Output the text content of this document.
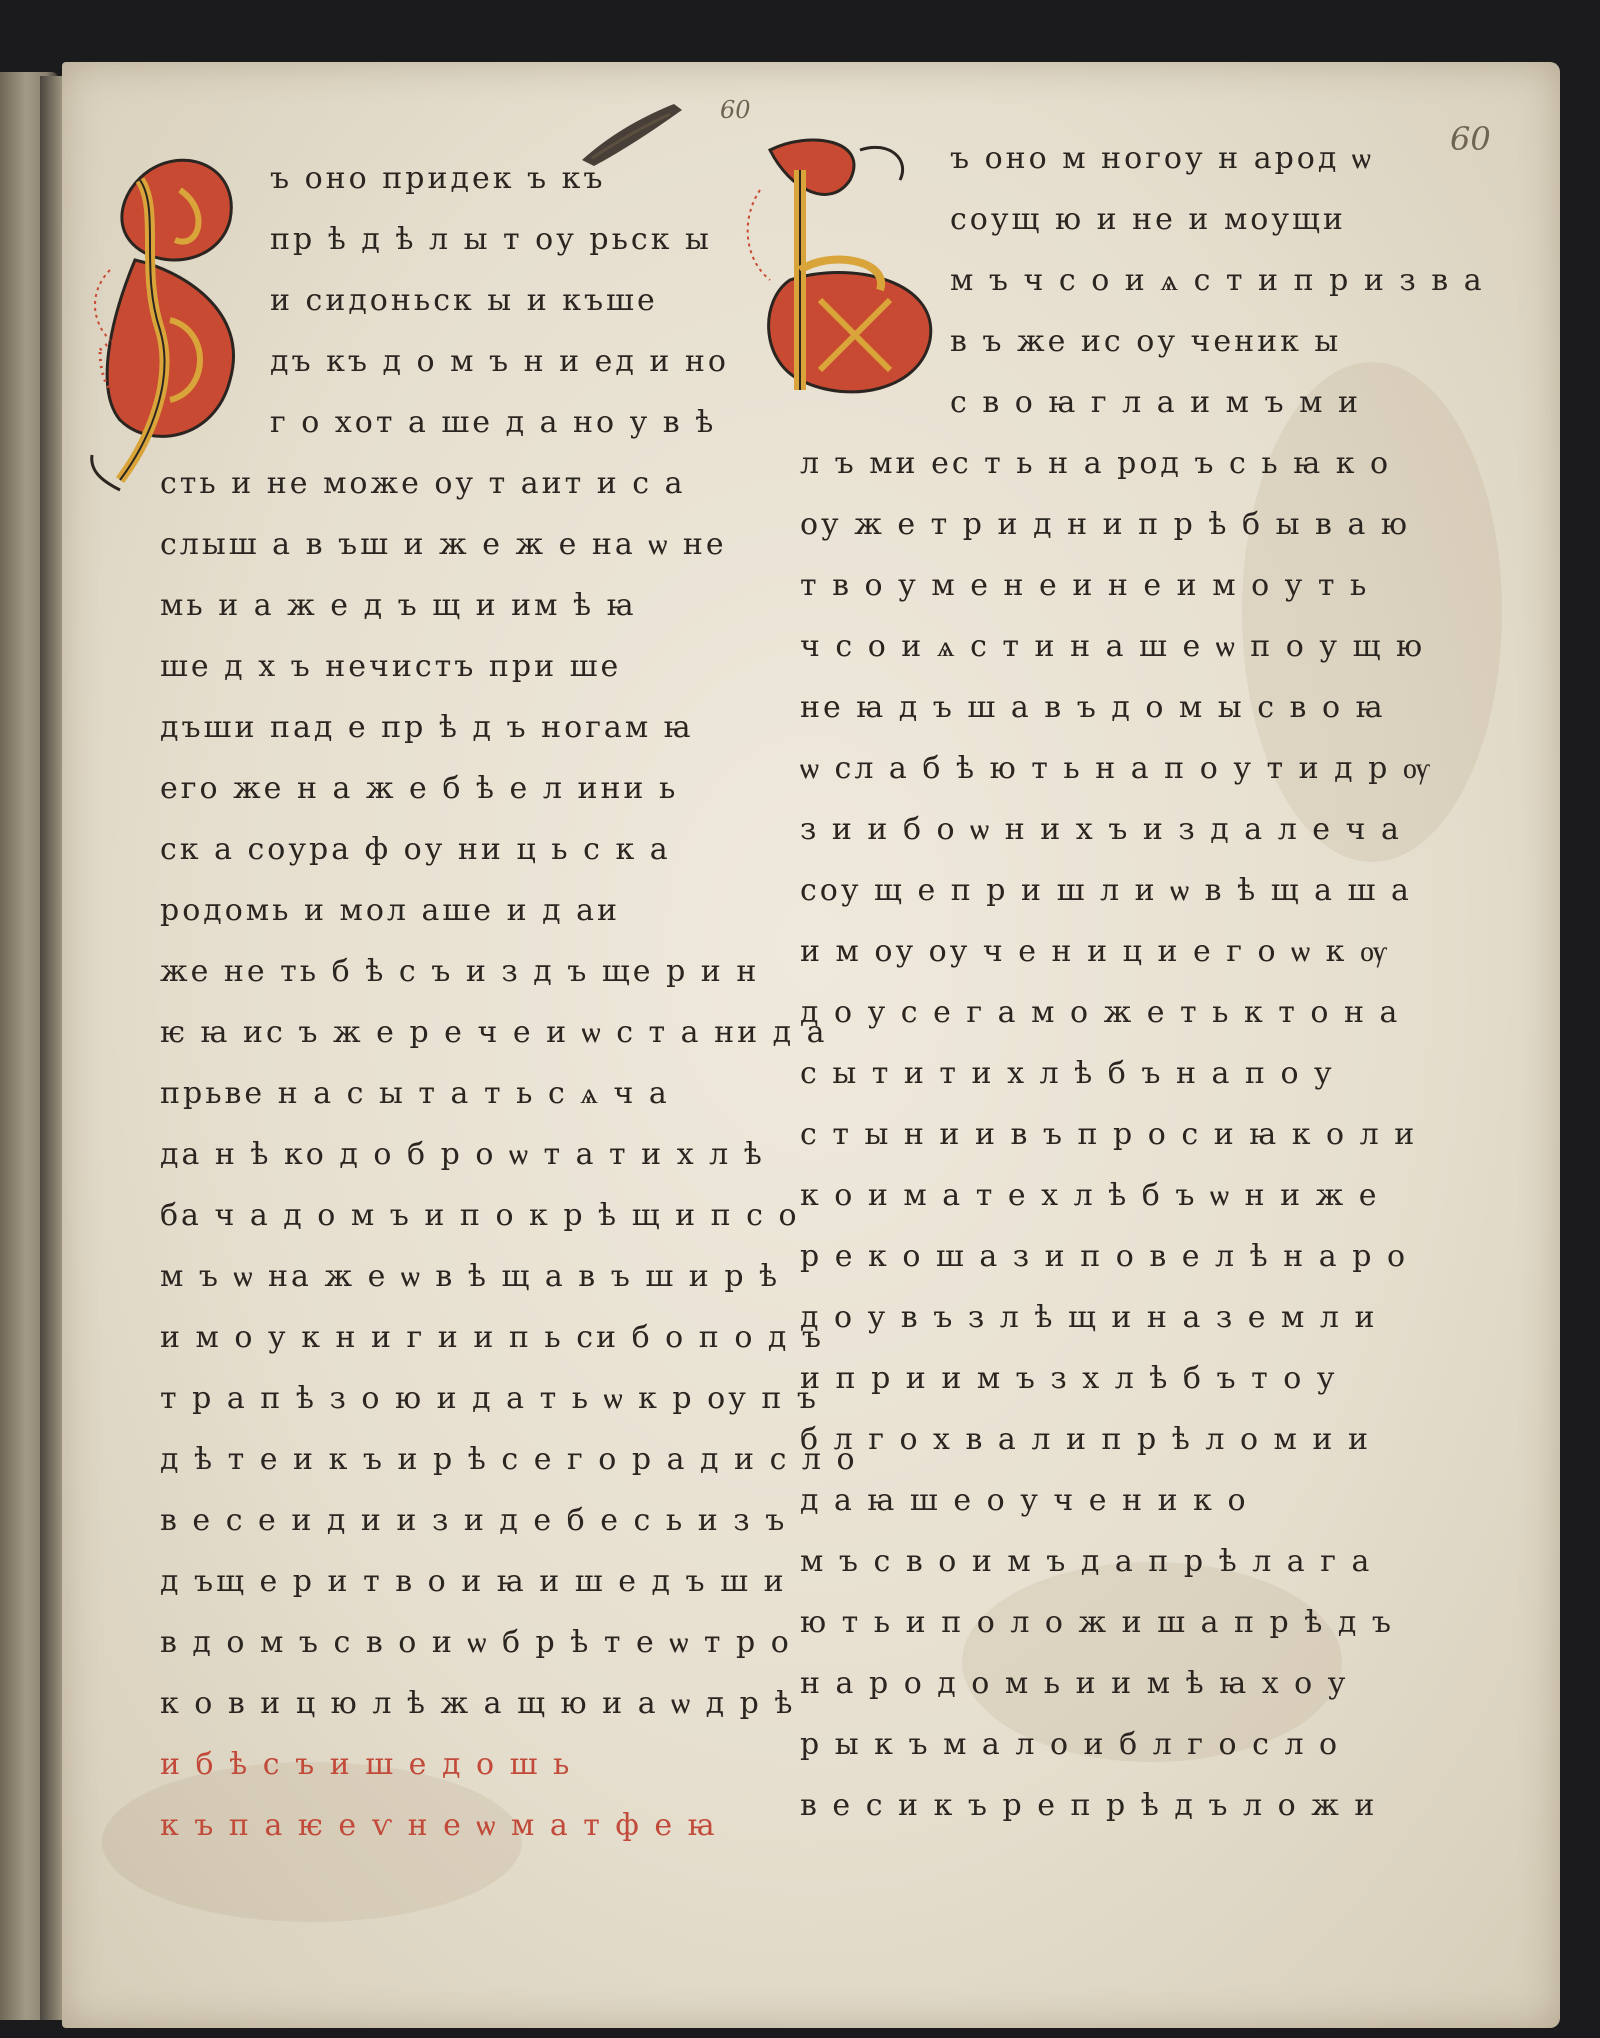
60
60
ъ оно придек ъ къ
пр ѣ д ѣ л ы т оу рьск ы
и сидоньск ы и къше
дъ къ д о м ъ н и ед и но
г о хот а ше д а но у в ѣ
сть и не може оу т аит и с а
слыш а в ъш и ж е ж е на ѡ не
мь и а ж е д ъ щ и им ѣ ꙗ
ше д х ъ нечистъ при ше
дъши пад е пр ѣ д ъ ногам ꙗ
его же н а ж е б ѣ е л ини ь
ск а соура ф оу ни ц ь с к а
родомь и мол аше и д аи
же не ть б ѣ с ъ и з д ъ ще р и н
ѥ ꙗ ис ъ ж е р е ч е и ѡ с т а ни д а
прьве н а с ы т а т ь с ѧ ч а
да н ѣ ко д о б р о ѡ т а т и х л ѣ
ба ч а д о м ъ и п о к р ѣ щ и п с о
м ъ ѡ на ж е ѡ в ѣ щ а в ъ ш и р ѣ
и м о у к н и г и и п ь си б о п о д ъ
т р а п ѣ з о ю и д а т ь ѡ к р оу п ъ
д ѣ т е и к ъ и р ѣ с е г о р а д и с л о
в е с е и д и и з и д е б е с ь и з ъ
д ъщ е р и т в о и ꙗ и ш е д ъ ш и
в д о м ъ с в о и ѡ б р ѣ т е ѡ т р о
к о в и ц ю л ѣ ж а щ ю и а ѡ д р ѣ
и б ѣ с ъ и ш е д о ш ь
к ъ п а ѥ е ѵ н е ѡ м а т ф е ꙗ
ъ оно м ногоу н арод ѡ
соущ ю и не и моущи
м ъ ч с о и ѧ с т и п р и з в а
в ъ же ис оу ченик ы
с в о ꙗ г л а и м ъ м и
л ъ ми ес т ь н а род ъ с ь ꙗ к о
оу ж е т р и д н и п р ѣ б ы в а ю
т в о у м е н е и н е и м о у т ь
ч с о и ѧ с т и н а ш е ѡ п о у щ ю
не ꙗ д ъ ш а в ъ д о м ы с в о ꙗ
ѡ сл а б ѣ ю т ь н а п о у т и д р ѹ
з и и б о ѡ н и х ъ и з д а л е ч а
соу щ е п р и ш л и ѡ в ѣ щ а ш а
и м оу оу ч е н и ц и е г о ѡ к ѹ
д о у с е г а м о ж е т ь к т о н а
с ы т и т и х л ѣ б ъ н а п о у
с т ы н и и в ъ п р о с и ꙗ к о л и
к о и м а т е х л ѣ б ъ ѡ н и ж е
р е к о ш а з и п о в е л ѣ н а р о
д о у в ъ з л ѣ щ и н а з е м л и
и п р и и м ъ з х л ѣ б ъ т о у
б л г о х в а л и п р ѣ л о м и и
д а ꙗ ш е о у ч е н и к о
м ъ с в о и м ъ д а п р ѣ л а г а
ю т ь и п о л о ж и ш а п р ѣ д ъ
н а р о д о м ь и и м ѣ ꙗ х о у
р ы к ъ м а л о и б л г о с л о
в е с и к ъ р е п р ѣ д ъ л о ж и
